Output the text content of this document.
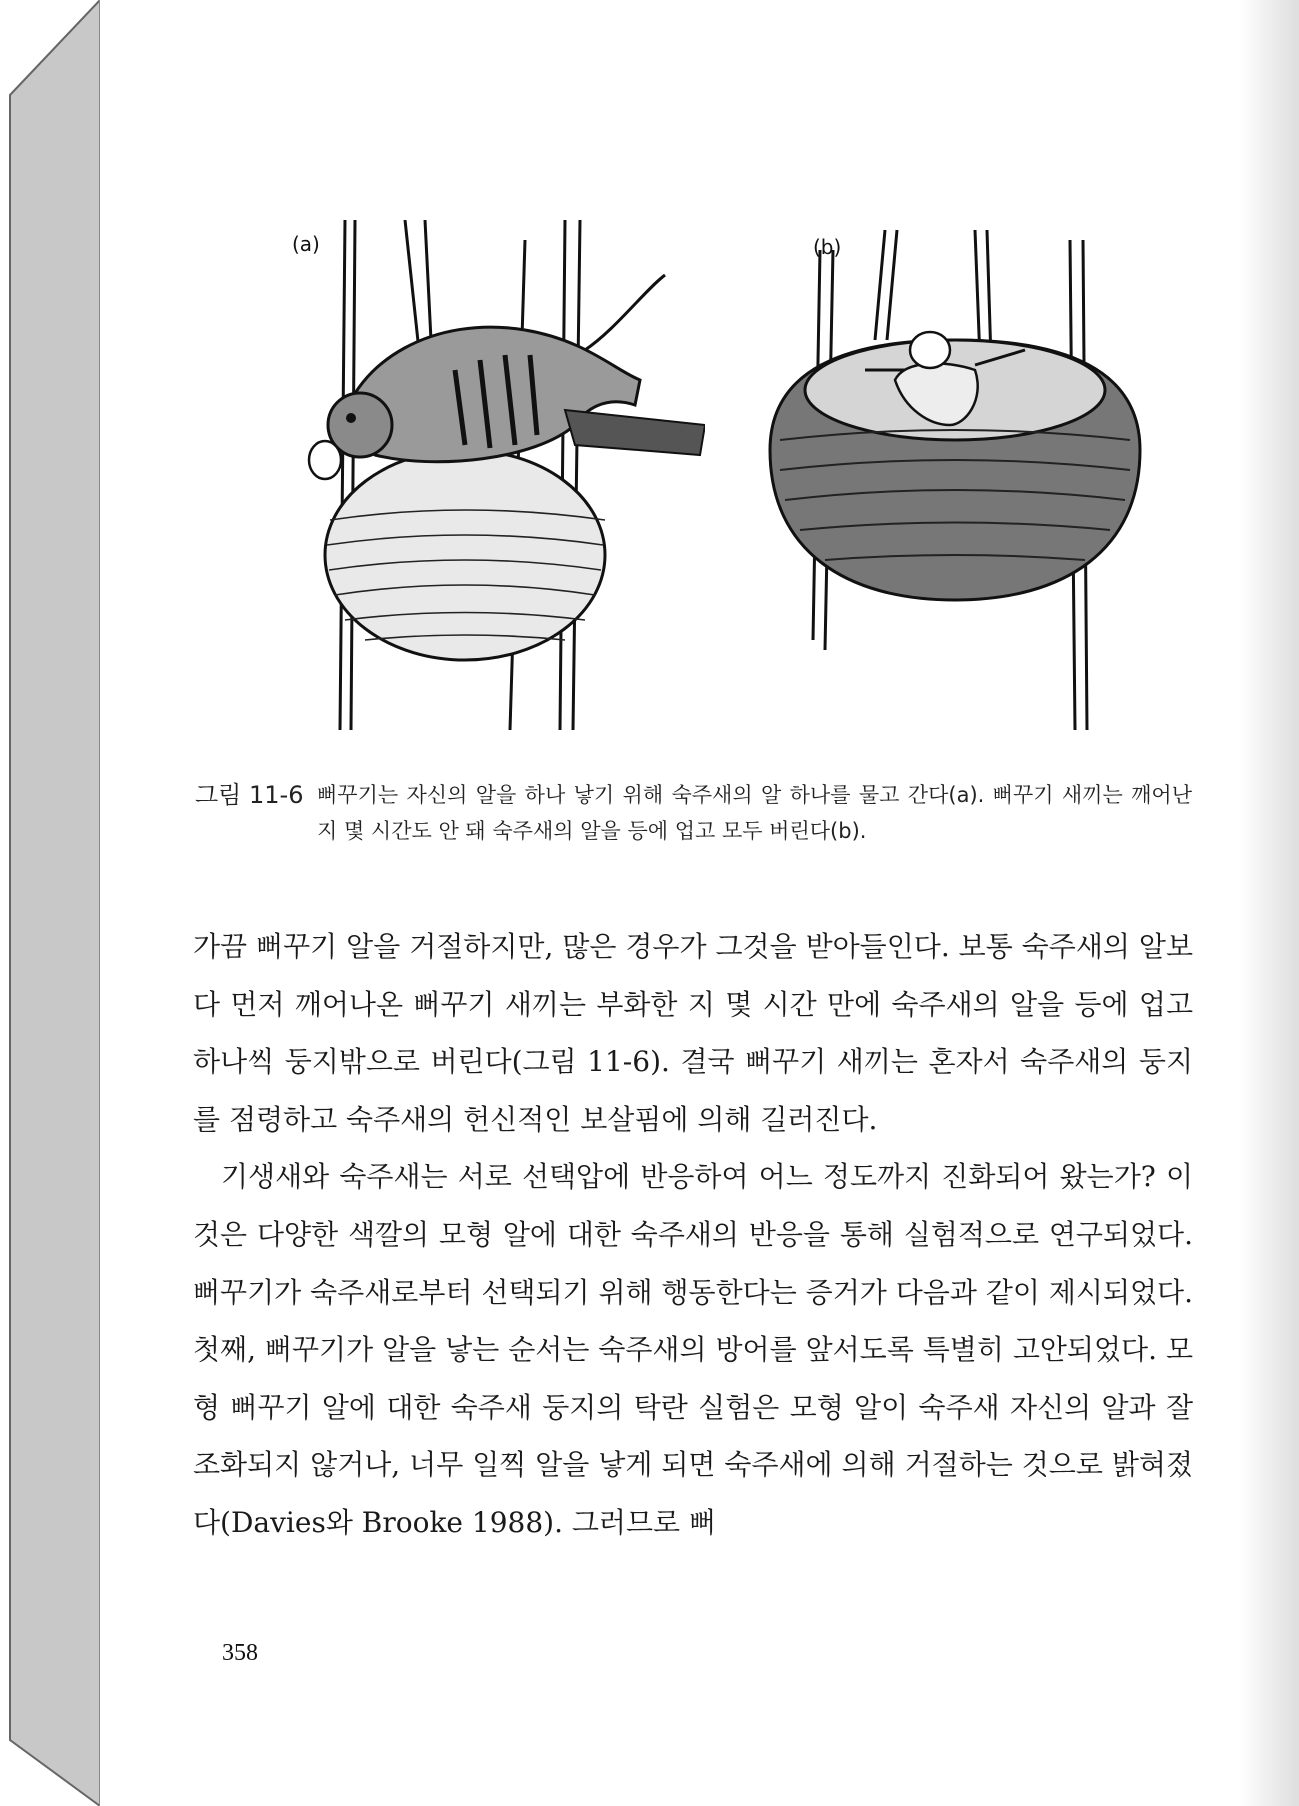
(a)	(b)
그림 11-6 뻐꾸기는 자신의 알을 하나 낳기 위해 숙주새의 알 하나를 물고 간다(a). 뻐꾸기 새끼는 깨어난 지 몇 시간도 안 돼 숙주새의 알을 등에 업고 모두 버린다(b).

가끔 뻐꾸기 알을 거절하지만, 많은 경우가 그것을 받아들인다. 보통 숙주새의 알보다 먼저 깨어나온 뻐꾸기 새끼는 부화한 지 몇 시간 만에 숙주새의 알을 등에 업고 하나씩 둥지밖으로 버린다(그림 11-6). 결국 뻐꾸기 새끼는 혼자서 숙주새의 둥지를 점령하고 숙주새의 헌신적인 보살핌에 의해 길러진다.

기생새와 숙주새는 서로 선택압에 반응하여 어느 정도까지 진화되어 왔는가? 이것은 다양한 색깔의 모형 알에 대한 숙주새의 반응을 통해 실험적으로 연구되었다. 뻐꾸기가 숙주새로부터 선택되기 위해 행동한다는 증거가 다음과 같이 제시되었다. 첫째, 뻐꾸기가 알을 낳는 순서는 숙주새의 방어를 앞서도록 특별히 고안되었다. 모형 뻐꾸기 알에 대한 숙주새 둥지의 탁란 실험은 모형 알이 숙주새 자신의 알과 잘 조화되지 않거나, 너무 일찍 알을 낳게 되면 숙주새에 의해 거절하는 것으로 밝혀졌다(Davies와 Brooke 1988). 그러므로 뻐

358
